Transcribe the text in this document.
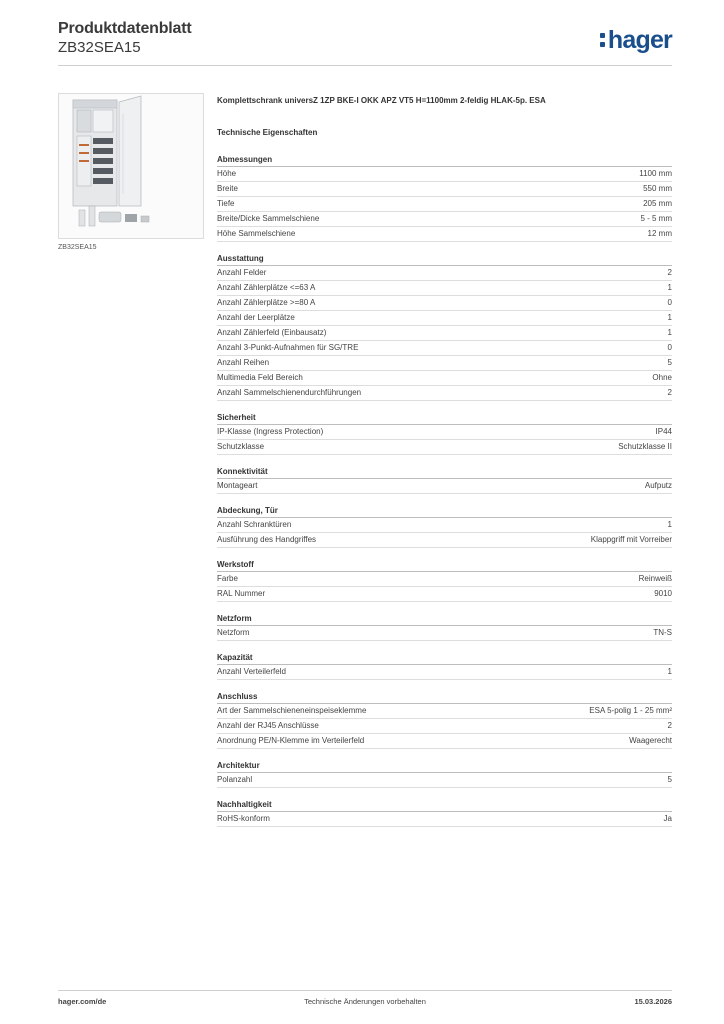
Produktdatenblatt
ZB32SEA15	hager
ZB32SEA15
Komplettschrank universZ 1ZP BKE-I OKK APZ VT5 H=1100mm 2-feldig HLAK-5p. ESA
Technische Eigenschaften
Abmessungen
Höhe	1100 mm
Breite	550 mm
Tiefe	205 mm
Breite/Dicke Sammelschiene	5 - 5 mm
Höhe Sammelschiene	12 mm
Ausstattung
Anzahl Felder	2
Anzahl Zählerplätze <=63 A	1
Anzahl Zählerplätze >=80 A	0
Anzahl der Leerplätze	1
Anzahl Zählerfeld (Einbausatz)	1
Anzahl 3-Punkt-Aufnahmen für SG/TRE	0
Anzahl Reihen	5
Multimedia Feld Bereich	Ohne
Anzahl Sammelschienendurchführungen	2
Sicherheit
IP-Klasse (Ingress Protection)	IP44
Schutzklasse	Schutzklasse II
Konnektivität
Montageart	Aufputz
Abdeckung, Tür
Anzahl Schranktüren	1
Ausführung des Handgriffes	Klappgriff mit Vorreiber
Werkstoff
Farbe	Reinweiß
RAL Nummer	9010
Netzform
Netzform	TN-S
Kapazität
Anzahl Verteilerfeld	1
Anschluss
Art der Sammelschieneneinspeiseklemme	ESA 5-polig 1 - 25 mm²
Anzahl der RJ45 Anschlüsse	2
Anordnung PE/N-Klemme im Verteilerfeld	Waagerecht
Architektur
Polanzahl	5
Nachhaltigkeit
RoHS-konform	Ja
hager.com/de	Technische Änderungen vorbehalten	15.03.2026
